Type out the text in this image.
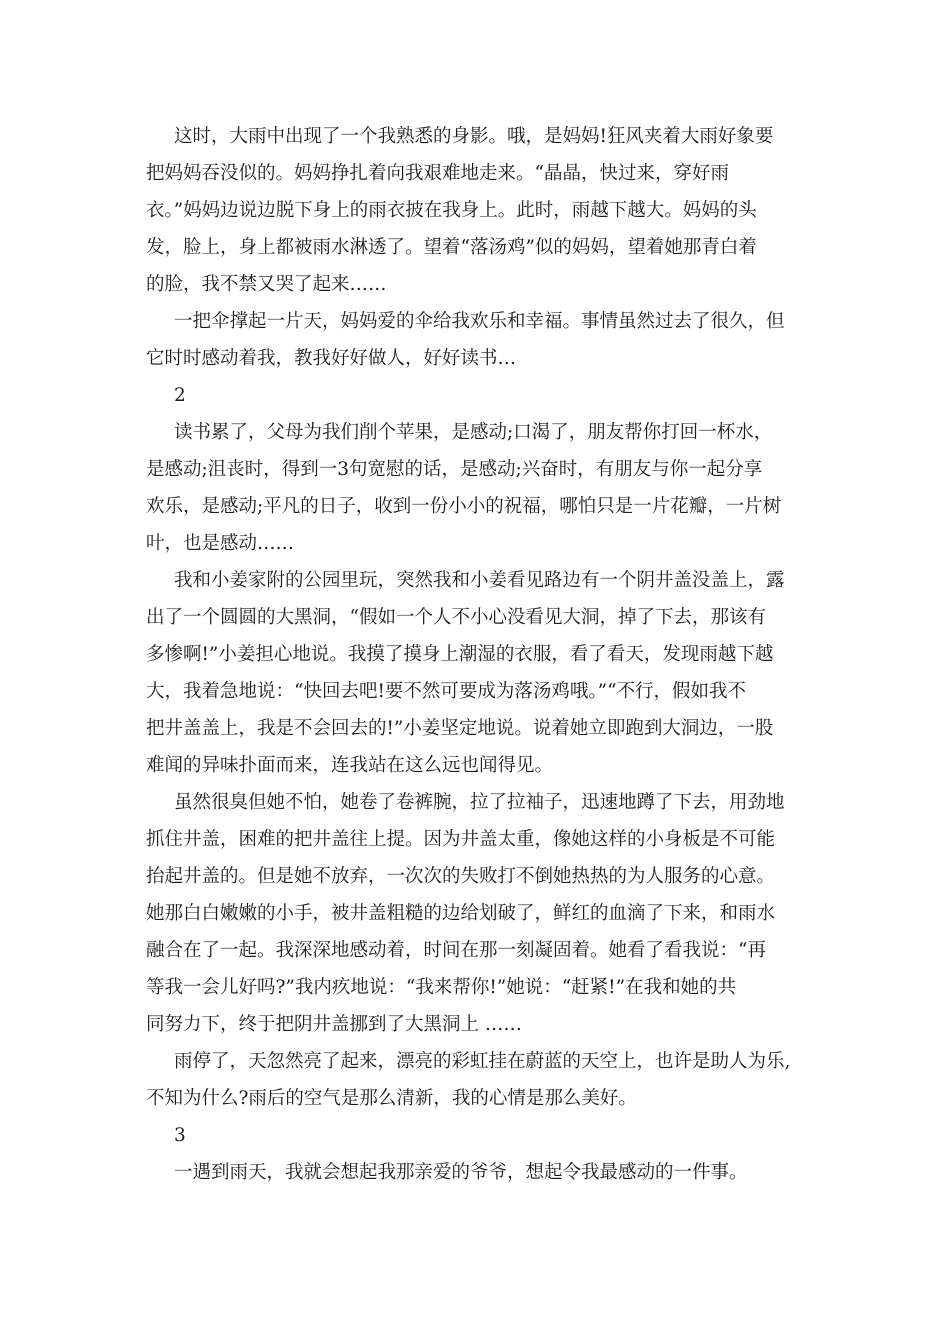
这时，大雨中出现了一个我熟悉的身影。哦，是妈妈!狂风夹着大雨好象要
把妈妈吞没似的。妈妈挣扎着向我艰难地走来。“晶晶，快过来，穿好雨
衣。”妈妈边说边脱下身上的雨衣披在我身上。此时，雨越下越大。妈妈的头
发，脸上，身上都被雨水淋透了。望着“落汤鸡”似的妈妈，望着她那青白着
的脸，我不禁又哭了起来……
一把伞撑起一片天，妈妈爱的伞给我欢乐和幸福。事情虽然过去了很久，但
它时时感动着我，教我好好做人，好好读书…
2
读书累了，父母为我们削个苹果，是感动;口渴了，朋友帮你打回一杯水，
是感动;沮丧时，得到一3句宽慰的话，是感动;兴奋时，有朋友与你一起分享
欢乐，是感动;平凡的日子，收到一份小小的祝福，哪怕只是一片花瓣，一片树
叶，也是感动……
我和小姜家附的公园里玩，突然我和小姜看见路边有一个阴井盖没盖上，露
出了一个圆圆的大黑洞，“假如一个人不小心没看见大洞，掉了下去，那该有
多惨啊!”小姜担心地说。我摸了摸身上潮湿的衣服，看了看天，发现雨越下越
大，我着急地说：“快回去吧!要不然可要成为落汤鸡哦。”“不行，假如我不
把井盖盖上，我是不会回去的!”小姜坚定地说。说着她立即跑到大洞边，一股
难闻的异味扑面而来，连我站在这么远也闻得见。
虽然很臭但她不怕，她卷了卷裤腕，拉了拉袖子，迅速地蹲了下去，用劲地
抓住井盖，困难的把井盖往上提。因为井盖太重，像她这样的小身板是不可能
抬起井盖的。但是她不放弃，一次次的失败打不倒她热热的为人服务的心意。
她那白白嫩嫩的小手，被井盖粗糙的边给划破了，鲜红的血滴了下来，和雨水
融合在了一起。我深深地感动着，时间在那一刻凝固着。她看了看我说：“再
等我一会儿好吗?”我内疚地说：“我来帮你!”她说：“赶紧!”在我和她的共
同努力下，终于把阴井盖挪到了大黑洞上 ……
雨停了，天忽然亮了起来，漂亮的彩虹挂在蔚蓝的天空上，也许是助人为乐,
不知为什么?雨后的空气是那么清新，我的心情是那么美好。
3
一遇到雨天，我就会想起我那亲爱的爷爷，想起令我最感动的一件事。
